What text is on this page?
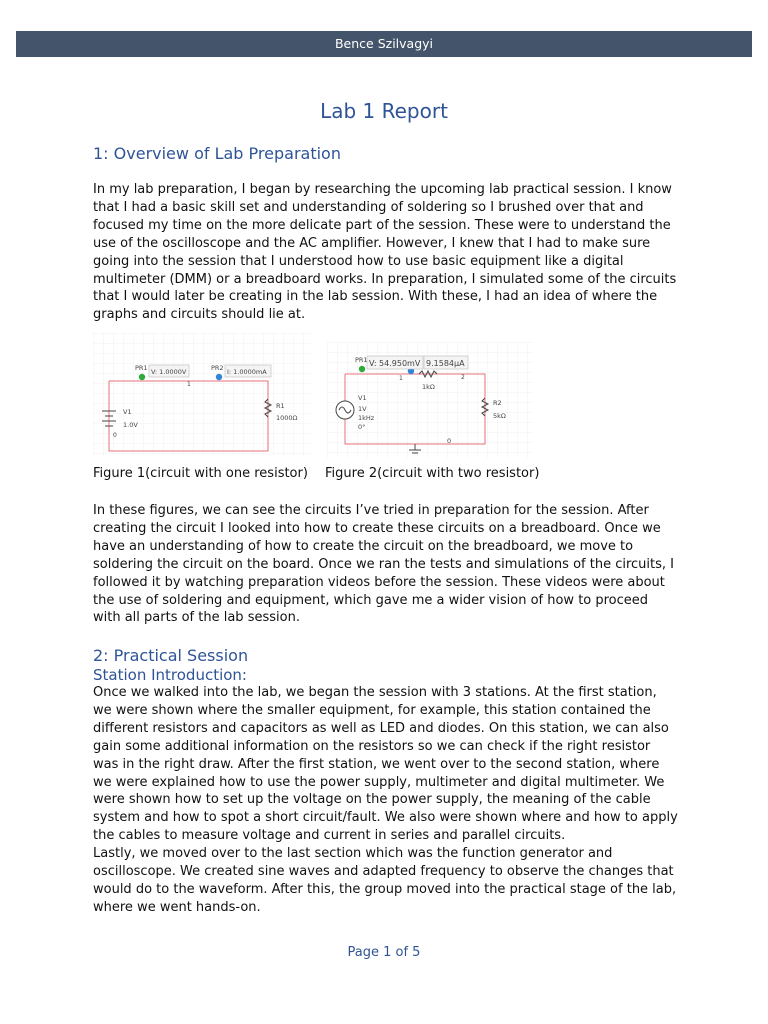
Bence Szilvagyi
Lab 1 Report
1: Overview of Lab Preparation
In my lab preparation, I began by researching the upcoming lab practical session. I know that I had a basic skill set and understanding of soldering so I brushed over that and focused my time on the more delicate part of the session. These were to understand the use of the oscilloscope and the AC amplifier. However, I knew that I had to make sure going into the session that I understood how to use basic equipment like a digital multimeter (DMM) or a breadboard works. In preparation, I simulated some of the circuits that I would later be creating in the lab session. With these, I had an idea of where the graphs and circuits should lie at.
PR1 V: 1.0000V	PR2 I: 1.0000mA
1
V1
1.0V
0
R1
1000Ω
PR1 V: 54.950mV 9.1584µA
1	2
1kΩ
V1
1V
1kHz
0°
R2
5kΩ
0
Figure 1(circuit with one resistor) Figure 2(circuit with two resistor)
In these figures, we can see the circuits I’ve tried in preparation for the session. After creating the circuit I looked into how to create these circuits on a breadboard. Once we have an understanding of how to create the circuit on the breadboard, we move to soldering the circuit on the board. Once we ran the tests and simulations of the circuits, I followed it by watching preparation videos before the session. These videos were about the use of soldering and equipment, which gave me a wider vision of how to proceed with all parts of the lab session.
2: Practical Session
Station Introduction:
Once we walked into the lab, we began the session with 3 stations. At the first station, we were shown where the smaller equipment, for example, this station contained the different resistors and capacitors as well as LED and diodes. On this station, we can also gain some additional information on the resistors so we can check if the right resistor was in the right draw. After the first station, we went over to the second station, where we were explained how to use the power supply, multimeter and digital multimeter. We were shown how to set up the voltage on the power supply, the meaning of the cable system and how to spot a short circuit/fault. We also were shown where and how to apply the cables to measure voltage and current in series and parallel circuits.
Lastly, we moved over to the last section which was the function generator and oscilloscope. We created sine waves and adapted frequency to observe the changes that would do to the waveform. After this, the group moved into the practical stage of the lab, where we went hands-on.
Page 1 of 5
